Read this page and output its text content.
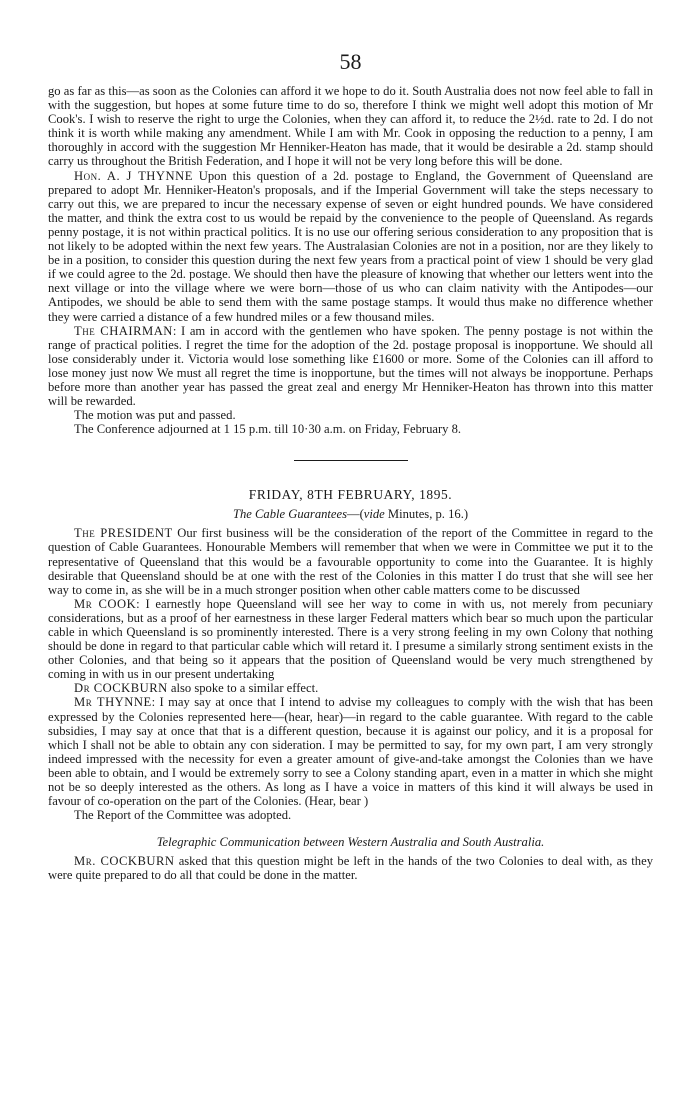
58

go as far as this—as soon as the Colonies can afford it we hope to do it. South Australia does not now feel able to fall in with the suggestion, but hopes at some future time to do so, therefore I think we might well adopt this motion of Mr Cook's. I wish to reserve the right to urge the Colonies, when they can afford it, to reduce the 2½d. rate to 2d. I do not think it is worth while making any amendment. While I am with Mr. Cook in opposing the reduction to a penny, I am thoroughly in accord with the suggestion Mr Henniker-Heaton has made, that it would be desirable a 2d. stamp should carry us throughout the British Federation, and I hope it will not be very long before this will be done.

Hon. A. J THYNNE Upon this question of a 2d. postage to England, the Government of Queensland are prepared to adopt Mr. Henniker-Heaton's proposals, and if the Imperial Government will take the steps necessary to carry out this, we are prepared to incur the necessary expense of seven or eight hundred pounds. We have considered the matter, and think the extra cost to us would be repaid by the convenience to the people of Queensland. As regards penny postage, it is not within practical politics. It is no use our offering serious consideration to any proposition that is not likely to be adopted within the next few years. The Australasian Colonies are not in a position, nor are they likely to be in a position, to consider this question during the next few years from a practical point of view 1 should be very glad if we could agree to the 2d. postage. We should then have the pleasure of knowing that whether our letters went into the next village or into the village where we were born—those of us who can claim nativity with the Antipodes—our Antipodes, we should be able to send them with the same postage stamps. It would thus make no difference whether they were carried a distance of a few hundred miles or a few thousand miles.

The CHAIRMAN: I am in accord with the gentlemen who have spoken. The penny postage is not within the range of practical polities. I regret the time for the adoption of the 2d. postage proposal is inopportune. We should all lose considerably under it. Victoria would lose something like £1600 or more. Some of the Colonies can ill afford to lose money just now We must all regret the time is inopportune, but the times will not always be inopportune. Perhaps before more than another year has passed the great zeal and energy Mr Henniker-Heaton has thrown into this matter will be rewarded.

The motion was put and passed.

The Conference adjourned at 1 15 p.m. till 10·30 a.m. on Friday, February 8.

FRIDAY, 8TH FEBRUARY, 1895.
The Cable Guarantees—(vide Minutes, p. 16.)

The PRESIDENT Our first business will be the consideration of the report of the Committee in regard to the question of Cable Guarantees. Honourable Members will remember that when we were in Committee we put it to the representative of Queensland that this would be a favourable opportunity to come into the Guarantee. It is highly desirable that Queensland should be at one with the rest of the Colonies in this matter I do trust that she will see her way to come in, as she will be in a much stronger position when other cable matters come to be discussed

Mr COOK: I earnestly hope Queensland will see her way to come in with us, not merely from pecuniary considerations, but as a proof of her earnestness in these larger Federal matters which bear so much upon the particular cable in which Queensland is so prominently interested. There is a very strong feeling in my own Colony that nothing should be done in regard to that particular cable which will retard it. I presume a similarly strong sentiment exists in the other Colonies, and that being so it appears that the position of Queensland would be very much strengthened by coming in with us in our present undertaking

Dr COCKBURN also spoke to a similar effect.

Mr THYNNE: I may say at once that I intend to advise my colleagues to comply with the wish that has been expressed by the Colonies represented here—(hear, hear)—in regard to the cable guarantee. With regard to the cable subsidies, I may say at once that that is a different question, because it is against our policy, and it is a proposal for which I shall not be able to obtain any con sideration. I may be permitted to say, for my own part, I am very strongly indeed impressed with the necessity for even a greater amount of give-and-take amongst the Colonies than we have been able to obtain, and I would be extremely sorry to see a Colony standing apart, even in a matter in which she might not be so deeply interested as the others. As long as I have a voice in matters of this kind it will always be used in favour of co-operation on the part of the Colonies. (Hear, bear )

The Report of the Committee was adopted.

Telegraphic Communication between Western Australia and South Australia.

Mr. COCKBURN asked that this question might be left in the hands of the two Colonies to deal with, as they were quite prepared to do all that could be done in the matter.
